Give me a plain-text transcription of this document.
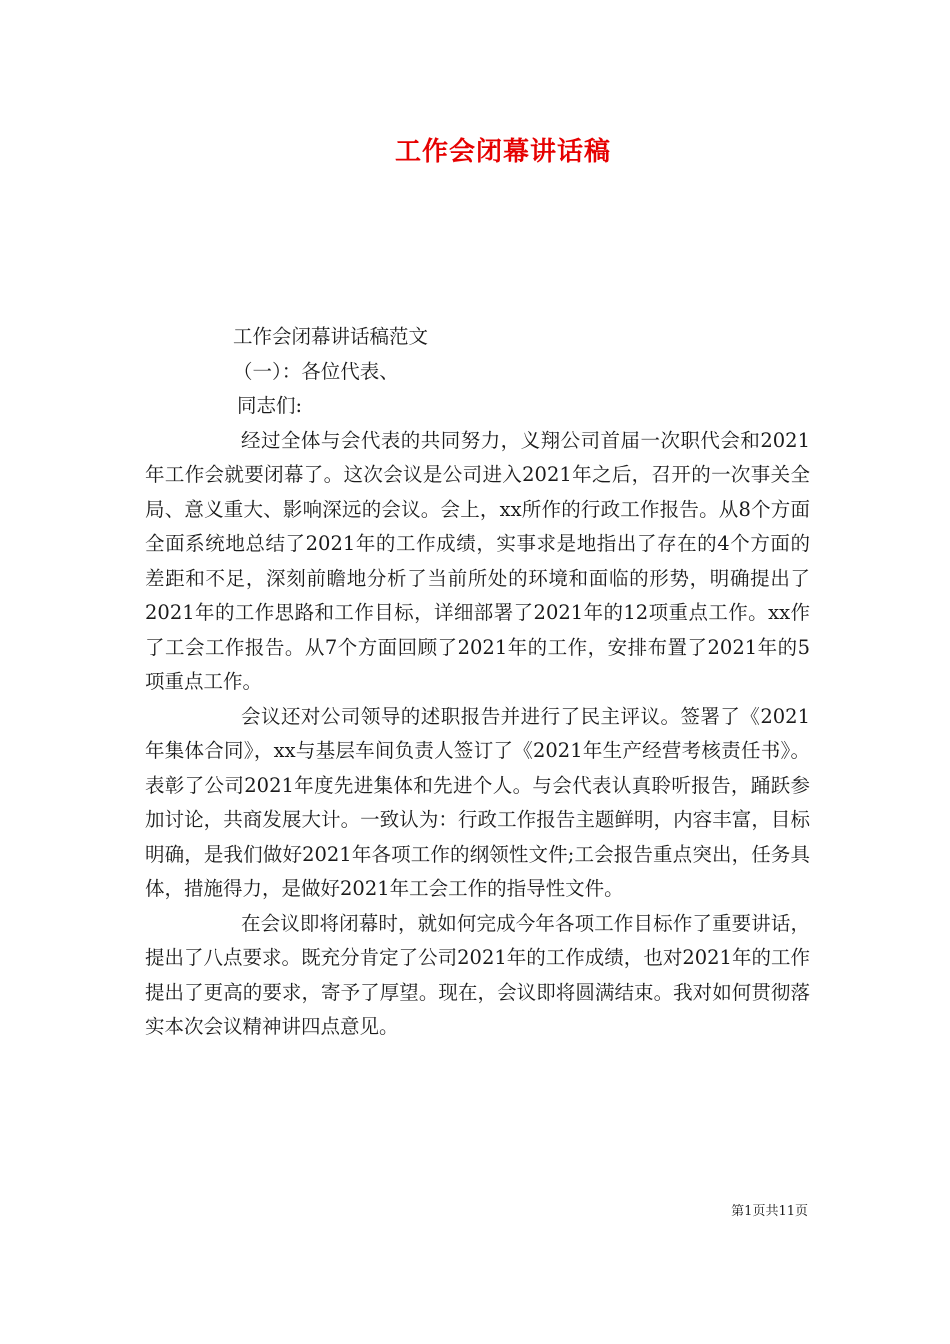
工作会闭幕讲话稿

工作会闭幕讲话稿范文

（一）：各位代表、

同志们:

经过全体与会代表的共同努力，义翔公司首届一次职代会和2021年工作会就要闭幕了。这次会议是公司进入2021年之后，召开的一次事关全局、意义重大、影响深远的会议。会上，xx所作的行政工作报告。从8个方面全面系统地总结了2021年的工作成绩，实事求是地指出了存在的4个方面的差距和不足，深刻前瞻地分析了当前所处的环境和面临的形势，明确提出了2021年的工作思路和工作目标，详细部署了2021年的12项重点工作。xx作了工会工作报告。从7个方面回顾了2021年的工作，安排布置了2021年的5项重点工作。

会议还对公司领导的述职报告并进行了民主评议。签署了《2021年集体合同》，xx与基层车间负责人签订了《2021年生产经营考核责任书》。表彰了公司2021年度先进集体和先进个人。与会代表认真聆听报告，踊跃参加讨论，共商发展大计。一致认为：行政工作报告主题鲜明，内容丰富，目标明确，是我们做好2021年各项工作的纲领性文件;工会报告重点突出，任务具体，措施得力，是做好2021年工会工作的指导性文件。

在会议即将闭幕时，就如何完成今年各项工作目标作了重要讲话，提出了八点要求。既充分肯定了公司2021年的工作成绩，也对2021年的工作提出了更高的要求，寄予了厚望。现在，会议即将圆满结束。我对如何贯彻落实本次会议精神讲四点意见。

第1页共11页
